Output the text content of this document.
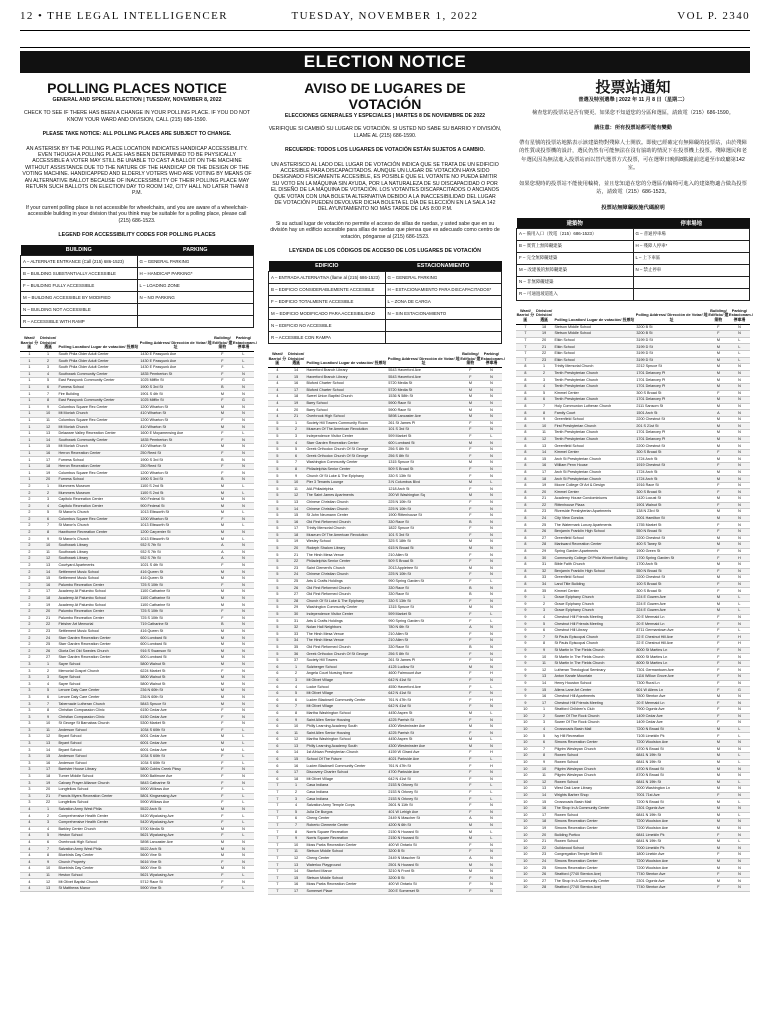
12 • THE LEGAL INTELLIGENCER	TUESDAY, NOVEMBER 1, 2022	VOL P. 2340
ELECTION NOTICE
POLLING PLACES NOTICE

GENERAL AND SPECIAL ELECTION | TUESDAY, NOVEMBER 8, 2022

CHECK TO SEE IF THERE HAS BEEN A CHANGE IN YOUR POLLING PLACE. IF YOU DO NOT KNOW YOUR WARD AND DIVISION, CALL (215) 686-1590.

PLEASE TAKE NOTICE: ALL POLLING PLACES ARE SUBJECT TO CHANGE.

AN ASTERISK BY THE POLLING PLACE LOCATION INDICATES HANDICAP ACCESSIBILITY. EVEN THOUGH A POLLING PLACE HAS BEEN DETERMINED TO BE PHYSICALLY ACCESSIBLE A VOTER MAY STILL BE UNABLE TO CAST A BALLOT ON THE MACHINE WITHOUT ASSISTANCE DUE TO THE NATURE OF THE HANDICAP OR THE DESIGN OF THE VOTING MACHINE. HANDICAPPED AND ELDERLY VOTERS WHO ARE VOTING BY MEANS OF AN ALTERNATIVE BALLOT BECAUSE OF INACCESSIBILITY OF THEIR POLLING PLACE MAY RETURN SUCH BALLOTS ON ELECTION DAY TO ROOM 142, CITY HALL NO LATER THAN 8 P.M.

If your current polling place is not accessible for wheelchairs, and you are aware of a wheelchair-accessible building in your division that you think may be suitable for a polling place, please call (215) 686-1523.

LEGEND FOR ACCESSIBILITY CODES FOR POLLING PLACES

BUILDING	PARKING
A – ALTERNATE ENTRANCE (Call (215) 686-1523)	G – GENERAL PARKING
B – BUILDING SUBSTANTIALLY ACCESSIBLE	H – HANDICAP PARKING*
F – BUILDING FULLY ACCESSIBLE	L – LOADING ZONE
M – BUILDING ACCESSIBLE BY MODIFIED	N – NO PARKING
N – BUILDING NOT ACCESSIBLE	
R – ACCESSIBLE WITH RAMP	
Ward/ Barrio/ 分區	Division/ División/ 選區	Polling Location/ Lugar de votación/ 投票站	Polling Address/ Dirección de Votar/ 地址	Building/ Edificio/ 建築物	Parking/ Estacionam./ 停車場
1	1	South Phila Older Adult Center	1430 E Passyunk Ave	F	L
1	2	South Phila Older Adult Center	1430 E Passyunk Ave	F	L
1	3	South Phila Older Adult Center	1430 E Passyunk Ave	F	L
1	4	Southwark Community Center	1835 Pemberton St	F	N
1	5	East Passyunk Community Center	1025 Mifflin St	F	G
1	6	Furness School	1900 S 3rd St	B	N
1	7	Fire Building	1901 S 4th St	M	N
1	8	East Passyunk Community Center	1025 Mifflin St	F	G
1	9	Columbus Square Rec Center	1200 Wharton St	M	N
1	10	Mt Moriah Church	410 Wharton St	M	N
1	11	Columbus Square Rec Center	1200 Wharton St	F	N
1	12	Mt Moriah Church	410 Wharton St	M	N
1	13	Delaware Valley Recreation Center	1600 E Moyamensing Ave	F	L
1	14	Southwark Community Center	1835 Pemberton St	F	N
1	15	Mt Moriah Church	410 Wharton St	M	N
1	16	Herron Recreation Center	250 Reed St	F	N
1	17	Furness School	1900 S 3rd St	B	N
1	18	Herron Recreation Center	250 Reed St	F	N
1	19	Columbus Square Rec Center	1200 Wharton St	F	N
1	20	Furness School	1900 S 3rd St	B	N
2	1	Mummers Museum	1100 S 2nd St	M	L
2	2	Mummers Museum	1100 S 2nd St	M	L
2	3	Capitolo Recreation Center	900 Federal St	M	N
2	4	Capitolo Recreation Center	900 Federal St	M	N
2	5	St Maron's Church	1013 Ellsworth St	M	L
2	6	Columbus Square Rec Center	1200 Wharton St	F	N
2	7	St Maron's Church	1013 Ellsworth St	M	L
2	8	Hawthorne Recreation Center	1200 Carpenter St	M	N
2	9	St Maron's Church	1013 Ellsworth St	M	L
2	10	Southwark Library	932 S 7th St	A	N
2	11	Southwark Library	932 S 7th St	A	N
2	12	Southwark Library	932 S 7th St	A	N
2	13	Courtyard Apartments	1021 S 4th St	F	N
2	14	Settlement Music School	416 Queen St	M	N
2	15	Settlement Music School	416 Queen St	M	N
2	16	Palumbo Recreation Center	725 S 10th St	F	N
2	17	Academy At Palumbo School	1100 Catharine St	M	N
2	18	Academy At Palumbo School	1100 Catharine St	M	N
2	19	Academy At Palumbo School	1100 Catharine St	M	N
2	20	Palumbo Recreation Center	725 S 10th St	F	N
2	21	Palumbo Recreation Center	725 S 10th St	F	N
2	22	Fleisher Art Memorial	719 Catharine St	B	N
2	23	Settlement Music School	416 Queen St	M	N
2	24	Starr Garden Recreation Center	600 Lombard St	M	N
2	25	Starr Garden Recreation Center	600 Lombard St	M	N
2	26	Gloria Dei Old Swedes Church	916 S Swanson St	M	N
2	27	Starr Garden Recreation Center	600 Lombard St	M	N
3	1	Sayre School	5800 Walnut St	M	N
3	2	Memorial Gospel Church	6224 Market St	F	N
3	3	Sayre School	5800 Walnut St	M	N
3	4	Sayre School	5800 Walnut St	M	N
3	5	Lenore Daly Care Center	236 N 60th St	M	N
3	6	Lenore Daly Care Center	236 N 60th St	M	N
3	7	Tabernacle Lutheran Church	5843 Spruce St	M	N
3	8	Christian Compassion Clinic	6150 Cedar Ave	F	N
3	9	Christian Compassion Clinic	6150 Cedar Ave	F	N
3	10	St George St Barnabas Church	5300 Market St	F	N
3	11	Anderson School	1034 S 60th St	F	L
3	12	Bryant School	6001 Cedar Ave	M	L
3	13	Bryant School	6001 Cedar Ave	M	L
3	14	Bryant School	6001 Cedar Ave	M	L
3	15	Anderson School	1034 S 60th St	F	L
3	16	Anderson School	1034 S 60th St	F	L
3	17	Barrister House Library	5800 Cobbs Creek Pkwy	F	N
3	18	Turner Middle School	5900 Baltimore Ave	F	N
3	19	Calvary Prayer Alliance Church	5843 Catharine St	F	N
3	20	Longfellow School	5900 Willows Ave	F	L
3	21	Francis Myers Recreation Center	5801 Kingsessing Ave	F	L
3	22	Longfellow School	5900 Willows Ave	F	L
4	1	Salvation Army West Phila	5522 Arch St	M	N
4	2	Comprehensive Health Center	5420 Wyalusing Ave	F	L
4	3	Comprehensive Health Center	5420 Wyalusing Ave	F	L
4	4	Barkley Center Church	5700 Media St	M	N
4	5	Heston School	5621 Wyalusing Ave	F	L
4	6	Overbrook High School	5898 Lancaster Ave	M	N
4	7	Salvation Army West Phila	5522 Arch St	M	N
4	8	Bluebirds Day Center	5600 Vine St	M	N
4	9	Church Property	5616 Vine St	F	N
4	10	Bluebirds Day Center	5600 Vine St	M	N
4	11	Heston School	5621 Wyalusing Ave	F	L
4	12	Mt Olivet Baptist Church	5712 Race St	F	N
4	13	St Matthews Manor	5900 Vine St	F	L
AVISO DE LUGARES DE VOTACIÓN

ELECCIONES GENERALES Y ESPECIALES | MARTES 8 DE NOVIEMBRE DE 2022

VERIFIQUE SI CAMBIÓ SU LUGAR DE VOTACIÓN. SI USTED NO SABE SU BARRIO Y DIVISIÓN, LLAME AL (215) 686-1590.

RECUERDE: TODOS LOS LUGARES DE VOTACIÓN ESTÁN SUJETOS A CAMBIO.

UN ASTERISCO AL LADO DEL LUGAR DE VOTACIÓN INDICA QUE SE TRATA DE UN EDIFICIO ACCESIBLE PARA DISCAPACITADOS. AUNQUE UN LUGAR DE VOTACIÓN HAYA SIDO DESIGNADO FÍSICAMENTE ACCESIBLE, ES POSIBLE QUE EL VOTANTE NO PUEDA EMITIR SU VOTO EN LA MÁQUINA SIN AYUDA, POR LA NATURALEZA DE SU DISCAPACIDAD O POR EL DISEÑO DE LA MÁQUINA DE VOTACIÓN. LOS VOTANTES DISCAPACITADOS O ANCIANOS QUE VOTAN CON UNA BOLETA ALTERNATIVA DEBIDO A LA INACCESIBILIDAD DEL LUGAR DE VOTACIÓN PUEDEN DEVOLVER DICHA BOLETA EL DÍA DE ELECCIÓN EN LA SALA 142 DEL AYUNTAMIENTO NO MÁS TARDE DE LAS 8:00 P.M.

Si su actual lugar de votación no permite el acceso de sillas de ruedas, y usted sabe que en su división hay un edificio accesible para sillas de ruedas que piensa que es adecuado como centro de votación, pónganse al (215) 686-1523.

LEYENDA DE LOS CÓDIGOS DE ACCESO DE LOS LUGARES DE VOTACIÓN

EDIFICIO	ESTACIONAMIENTO
A – ENTRADA ALTERNATIVA (llame al (215) 686-1523)	G – GENERAL PARKING
B – EDIFICIO CONSIDERABLEMENTE ACCESIBLE	H – ESTACIONAMIENTO PARA DISCAPACITADOS*
F – EDIFICIO TOTALMENTE ACCESIBLE	L – ZONA DE CARGA
M – EDIFICIO MODIFICADO PARA ACCESIBILIDAD	N – SIN ESTACIONAMIENTO
N – EDIFICIO NO ACCESIBLE	
R – ACCESIBLE CON RAMPA	
Ward/ Barrio/ 分區	Division/ División/ 選區	Polling Location/ Lugar de votación/ 投票站	Polling Address/ Dirección de Votar/ 地址	Building/ Edificio/ 建築物	Parking/ Estacionam./ 停車場
4	14	Haverford Branch Library	5543 Haverford Ave	F	N
4	15	Haverford Branch Library	5543 Haverford Ave	F	N
4	16	Bluford Charter School	5720 Media St	M	N
4	17	Bluford Charter School	5720 Media St	M	N
4	18	Sweet Union Baptist Church	1536 N 58th St	M	N
4	19	Barry School	5900 Race St	M	N
4	20	Barry School	5900 Race St	M	N
4	21	Overbrook High School	5898 Lancaster Ave	M	N
5	1	Society Hill Towers Community Room	261 St James Pl	F	N
5	2	Museum Of The American Revolution	101 S 3rd St	F	N
5	3	Independence Visitor Center	599 Market St	F	L
5	4	Starr Garden Recreation Center	600 Lombard St	M	N
5	5	Greek Orthodox Church Of St George	256 S 8th St	F	N
5	6	Greek Orthodox Church Of St George	256 S 8th St	F	N
5	7	Washington Community Center	1315 Spruce St	M	N
5	8	Philadelphia Senior Center	509 S Broad St	F	N
5	9	Church Of St Luke & The Epiphany	330 S 13th St	F	N
5	10	Pier 3 Tenants Lounge	3 N Columbus Blvd	M	L
5	11	AIA Philadelphia	1218 Arch St	F	N
5	12	The Saint James Apartments	200 W Washington Sq	M	N
5	13	Chinese Christian Church	225 N 10th St	F	N
5	14	Chinese Christian Church	225 N 10th St	F	N
5	15	St John Neumann Center	1900 Rittenhouse St	F	N
5	16	Old First Reformed Church	330 Race St	B	N
5	17	Trinity Memorial Church	1822 Spruce St	F	N
5	18	Museum Of The American Revolution	101 S 3rd St	F	N
5	19	Wesley School	325 S 18th St	M	N
5	20	Rodeph Shalom Library	615 N Broad St	M	N
5	21	The Hirsh Mesa Venue	210 Allen St	F	N
5	22	Philadelphia Senior Center	509 S Broad St	F	N
5	23	Saint Clement's Church	2013 Appletree St	M	N
5	24	Chinese Christian Church	225 N 10th St	F	N
5	25	Arts & Crafts Holdings	990 Spring Garden St	F	L
5	26	Old First Reformed Church	330 Race St	B	N
5	27	Old First Reformed Church	330 Race St	B	N
5	28	Church Of St Luke & The Epiphany	330 S 13th St	F	N
5	29	Washington Community Center	1315 Spruce St	M	N
5	30	Independence Visitor Center	599 Market St	F	L
5	31	Arts & Crafts Holdings	990 Spring Garden St	F	L
5	32	Nolan Hall Neighbors	780 N 6th St	A	N
5	33	The Hirsh Mesa Venue	210 Allen St	F	N
5	34	The Hirsh Mesa Venue	210 Allen St	F	N
5	35	Old First Reformed Church	330 Race St	B	N
5	36	Greek Orthodox Church Of St George	256 S 8th St	F	N
5	37	Society Hill Towers	261 St James Pl	F	N
6	1	Sulzberger School	4125 Ludlow St	M	N
6	2	Angela Court Nursing Home	4600 Fairmount Ave	F	H
6	3	Mt Olivet Village	642 N 41st St	F	N
6	4	Locke School	4550 Haverford Ave	F	L
6	5	Mt Olivet Village	642 N 41st St	F	N
6	6	Lucien Blackwell Community Center	761 N 47th St	F	H
6	7	Mt Olivet Village	642 N 41st St	F	N
6	8	Martha Washington School	4450 Aspen St	M	L
6	9	Saint Allen Senior Housing	4225 Parrish St	F	N
6	10	Philly Learning Academy South	4300 Westminster Ave	M	N
6	11	Saint Allen Senior Housing	4225 Parrish St	F	N
6	12	Martha Washington School	4450 Aspen St	M	L
6	13	Philly Learning Academy South	4300 Westminster Ave	M	N
6	14	1st African Presbyterian Church	4159 W Girard Ave	F	H
6	15	School Of The Future	4021 Parkside Ave	F	L
6	16	Lucien Blackwell Community Center	761 N 47th St	F	H
6	17	Discovery Charter School	4700 Parkside Ave	F	N
6	18	Mt Olivet Village	642 N 41st St	F	N
7	1	Casa Indiana	2153 N Orkney St	F	L
7	2	Casa Indiana	2153 N Orkney St	F	L
7	3	Casa Indiana	2153 N Orkney St	F	L
7	4	Salvation Army Temple Corps	2601 N 11th St	F	N
7	5	Julia De Burgos	401 W Lehigh Ave	F	N
7	6	Cheng Center	2449 N Mascher St	A	N
7	7	Roberto Clemente Center	4200 N 6th St	M	N
7	8	Norris Square Recreation	2150 N Howard St	M	L
7	9	Norris Square Recreation	2150 N Howard St	M	L
7	10	Moss Parks Recreation Center	400 W Ontario St	F	N
7	11	Stetson Middle School	3200 B St	F	N
7	12	Cheng Center	2449 N Mascher St	A	N
7	13	Waterloo Playground	2501 N Howard St	M	N
7	14	Stanford Manor	3210 N Front St	M	N
7	15	Stetson Middle School	3200 B St	F	N
7	16	Moss Parks Recreation Center	400 W Ontario St	F	N
7	17	Somerset Place	200 E Somerset St	F	N
投票站通知

普選及特別選舉 | 2022 年 11 月 8 日（星期二）

檢查您的投票站是否有變更。如果您不知道您的分區和選區，請致電（215）686-1590。

請注意：所有投票站都可能有變動

帶有星號的投票站地點表示該建築物對殘障人士開放。即使已經確定有無障礙的投票站，由於殘障的性質或投票機的設計，選民仍然有可能無法在沒有協助的情況下在投票機上投票。殘障選民和老年選民因為無法進入投票站而以替代選票方式投票，可在選舉日晚間8點鐘前送還至市政廳第142室。

如果您現時的投票站不能使用輪椅，並且您知道在您的分選區有輪椅可進入的建築物適合做為投票站，請致電（215）686-1523。

投票站無障礙設施代碼說明

建築物	停車場地
A – 備用入口（致電（215）686-1523）	G – 普通停車場
B – 實質上無障礙建築	H – 殘障人停車*
F – 完全無障礙建築	L – 上下車區
M – 改建後的無障礙建築	N – 禁止停車
N – 非無障礙建築	
R – 可通過坡道進入	
Ward/ Barrio/ 分區	Division/ División/ 選區	Polling Location/ Lugar de votación/ 投票站	Polling Address/ Dirección de Votar/ 地址	Building/ Edificio/ 建築物	Parking/ Estacionam./ 停車場
7	18	Stetson Middle School	3200 B St	F	N
7	19	Stetson Middle School	3200 B St	F	N
7	20	Elkin School	3199 D St	M	L
7	21	Elkin School	3199 D St	M	L
7	22	Elkin School	3199 D St	M	L
7	23	Elkin School	3199 D St	M	L
8	1	Trinity Memorial Church	2212 Spruce St	M	N
8	2	Tenth Presbyterian Church	1701 Delancey Pl	M	N
8	3	Tenth Presbyterian Church	1701 Delancey Pl	M	N
8	4	Tenth Presbyterian Church	1701 Delancey Pl	M	N
8	5	Kimmel Center	300 S Broad St	F	N
8	6	Tenth Presbyterian Church	1701 Delancey Pl	M	N
8	7	Holy Communion Lutheran Church	2111 Sansom St	M	N
8	8	Family Court	1501 Arch St	A	N
8	9	Greenfield School	2200 Chestnut St	M	N
8	10	First Presbyterian Church	201 S 21st St	M	N
8	11	Tenth Presbyterian Church	1701 Delancey Pl	M	N
8	12	Tenth Presbyterian Church	1701 Delancey Pl	M	N
8	13	Greenfield School	2200 Chestnut St	M	N
8	14	Kimmel Center	300 S Broad St	F	N
8	15	Arch St Presbyterian Church	1724 Arch St	M	N
8	16	William Penn House	1919 Chestnut St	F	N
8	17	Arch St Presbyterian Church	1724 Arch St	M	N
8	18	Arch St Presbyterian Church	1724 Arch St	M	N
8	19	Moore College Of Art & Design	1916 Race St	F	N
8	20	Kimmel Center	300 S Broad St	F	N
8	21	Academy House Condominiums	1420 Locust St	M	N
8	22	Rittenhouse Plaza	1901 Walnut St	F	N
8	23	Riverside Presbyterian Apartments	138 N 23rd St	M	N
8	24	City View Condos	2001 Hamilton St	M	N
8	25	The Watermark Luxury Apartments	1755 Market St	F	N
8	26	Benjamin Franklin High School	550 N Broad St	F	N
8	27	Greenfield School	2200 Chestnut St	M	N
8	28	Markward Recreation Center	400 S Taney St	M	N
8	29	Spring Garden Apartments	1900 Green St	F	N
8	30	Community College Of Phila Winnet Building	1700 Spring Garden St	F	H
8	31	Bible Faith Church	1700 Arch St	M	N
8	32	Benjamin Franklin High School	550 N Broad St	F	N
8	33	Greenfield School	2200 Chestnut St	M	N
8	34	Land Title Building	100 S Broad St	F	N
8	35	Kimmel Center	300 S Broad St	F	N
9	1	Grace Epiphany Church	224 E Gowen Ave	M	L
9	2	Grace Epiphany Church	224 E Gowen Ave	M	L
9	3	Grace Epiphany Church	224 E Gowen Ave	M	L
9	4	Chestnut Hill Friends Meeting	20 E Mermaid Ln	F	N
9	5	Chestnut Hill Friends Meeting	20 E Mermaid Ln	F	N
9	6	Chestnut Hill Library	8711 Germantown Ave	F	L
9	7	St Pauls Episcopal Church	22 E Chestnut Hill Ave	F	H
9	8	St Pauls Episcopal Church	22 E Chestnut Hill Ave	F	H
9	9	St Martin In The Fields Church	8000 St Martins Ln	F	N
9	10	St Martin In The Fields Church	8000 St Martins Ln	F	N
9	11	St Martin In The Fields Church	8000 St Martins Ln	F	N
9	12	Lutheran Theological Seminary	7301 Germantown Ave	F	N
9	13	Anton Karate Mountain	1116 Willow Grove Ave	F	N
9	14	Henry Houston School	7300 Rural Ln	F	N
9	15	Allens Lane Art Center	601 W Allens Ln	F	G
9	16	Chestnut Hill Apartments	7800 Stenton Ave	M	N
9	17	Chestnut Hill Friends Meeting	20 E Mermaid Ln	F	N
10	1	Stratford Children's Club	7900 Ogontz Ave	F	N
10	2	Sower Of The Rock Church	1409 Cedar Ave	F	N
10	3	Sower Of The Rock Church	1409 Cedar Ave	F	N
10	4	Crossroads Basin Mall	7200 N Broad St	M	L
10	5	Ivy Hill Recreation	7105 Limekiln Pk	F	L
10	6	Simons Recreation Center	7200 Woolston Ave	M	N
10	7	Pilgrim Wesleyan Church	8700 N Broad St	M	N
10	8	Rowen School	6841 N 19th St	M	L
10	9	Rowen School	6841 N 19th St	M	L
10	10	Pilgrim Wesleyan Church	8700 N Broad St	M	N
10	11	Pilgrim Wesleyan Church	8700 N Broad St	M	N
10	12	Rowen School	6841 N 19th St	M	L
10	13	West Oak Lane Library	2000 Washington Ln	M	N
10	14	Wrights Barber Shop	7001 71st Ave	F	N
10	15	Crossroads Basin Mall	7200 N Broad St	M	L
10	16	The Shop In A Community Center	2301 Ogontz Ave	M	N
10	17	Rowen School	6841 N 19th St	M	L
10	18	Simons Recreation Center	7200 Woolston Ave	M	N
10	19	Simons Recreation Center	7200 Woolston Ave	M	N
10	20	Building Portico	6841 Limekiln Pk	F	N
10	21	Rowen School	6841 N 19th St	M	L
10	22	Guildwood School	7000 Limekiln Pk	M	N
10	23	Congregation Temple Beth El	1800 Linekin Ave	F	N
10	24	Simons Recreation Center	7200 Woolston Ave	M	N
10	25	Simons Recreation Center	7200 Woolston Ave	M	N
10	26	Stratford (7740 Stenton Ave)	7740 Stenton Ave	F	N
10	27	The Shop In A Community Center	2301 Ogontz Ave	M	N
10	28	Stratford (7740 Stenton Ave)	7740 Stenton Ave	F	N
